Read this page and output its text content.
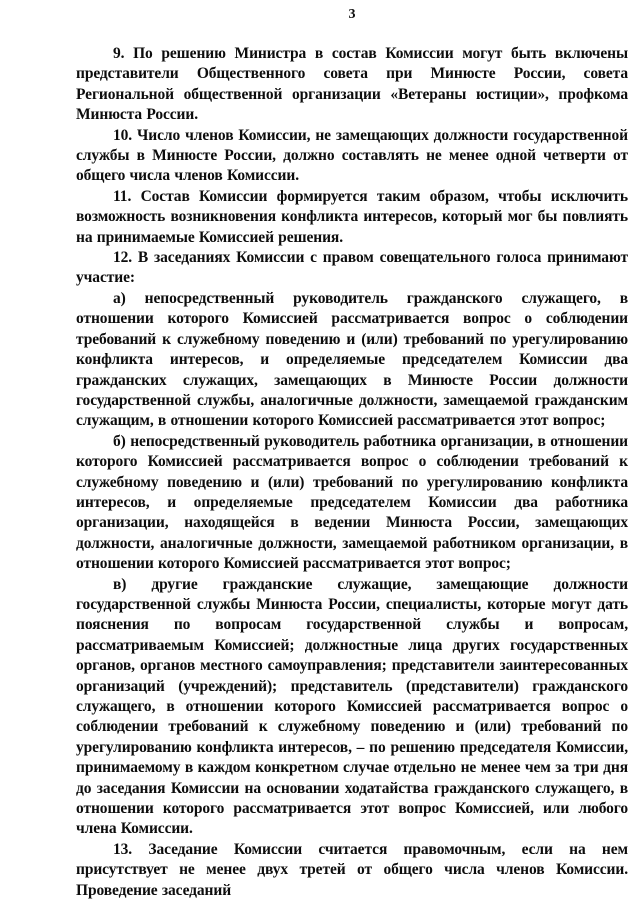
3

9. По решению Министра в состав Комиссии могут быть включены представители Общественного совета при Минюсте России, совета Региональной общественной организации «Ветераны юстиции», профкома Минюста России.

10. Число членов Комиссии, не замещающих должности государственной службы в Минюсте России, должно составлять не менее одной четверти от общего числа членов Комиссии.

11. Состав Комиссии формируется таким образом, чтобы исключить возможность возникновения конфликта интересов, который мог бы повлиять на принимаемые Комиссией решения.

12. В заседаниях Комиссии с правом совещательного голоса принимают участие:

а) непосредственный руководитель гражданского служащего, в отношении которого Комиссией рассматривается вопрос о соблюдении требований к служебному поведению и (или) требований по урегулированию конфликта интересов, и определяемые председателем Комиссии два гражданских служащих, замещающих в Минюсте России должности государственной службы, аналогичные должности, замещаемой гражданским служащим, в отношении которого Комиссией рассматривается этот вопрос;

б) непосредственный руководитель работника организации, в отношении которого Комиссией рассматривается вопрос о соблюдении требований к служебному поведению и (или) требований по урегулированию конфликта интересов, и определяемые председателем Комиссии два работника организации, находящейся в ведении Минюста России, замещающих должности, аналогичные должности, замещаемой работником организации, в отношении которого Комиссией рассматривается этот вопрос;

в) другие гражданские служащие, замещающие должности государственной службы Минюста России, специалисты, которые могут дать пояснения по вопросам государственной службы и вопросам, рассматриваемым Комиссией; должностные лица других государственных органов, органов местного самоуправления; представители заинтересованных организаций (учреждений); представитель (представители) гражданского служащего, в отношении которого Комиссией рассматривается вопрос о соблюдении требований к служебному поведению и (или) требований по урегулированию конфликта интересов, – по решению председателя Комиссии, принимаемому в каждом конкретном случае отдельно не менее чем за три дня до заседания Комиссии на основании ходатайства гражданского служащего, в отношении которого рассматривается этот вопрос Комиссией, или любого члена Комиссии.

13. Заседание Комиссии считается правомочным, если на нем присутствует не менее двух третей от общего числа членов Комиссии. Проведение заседаний
